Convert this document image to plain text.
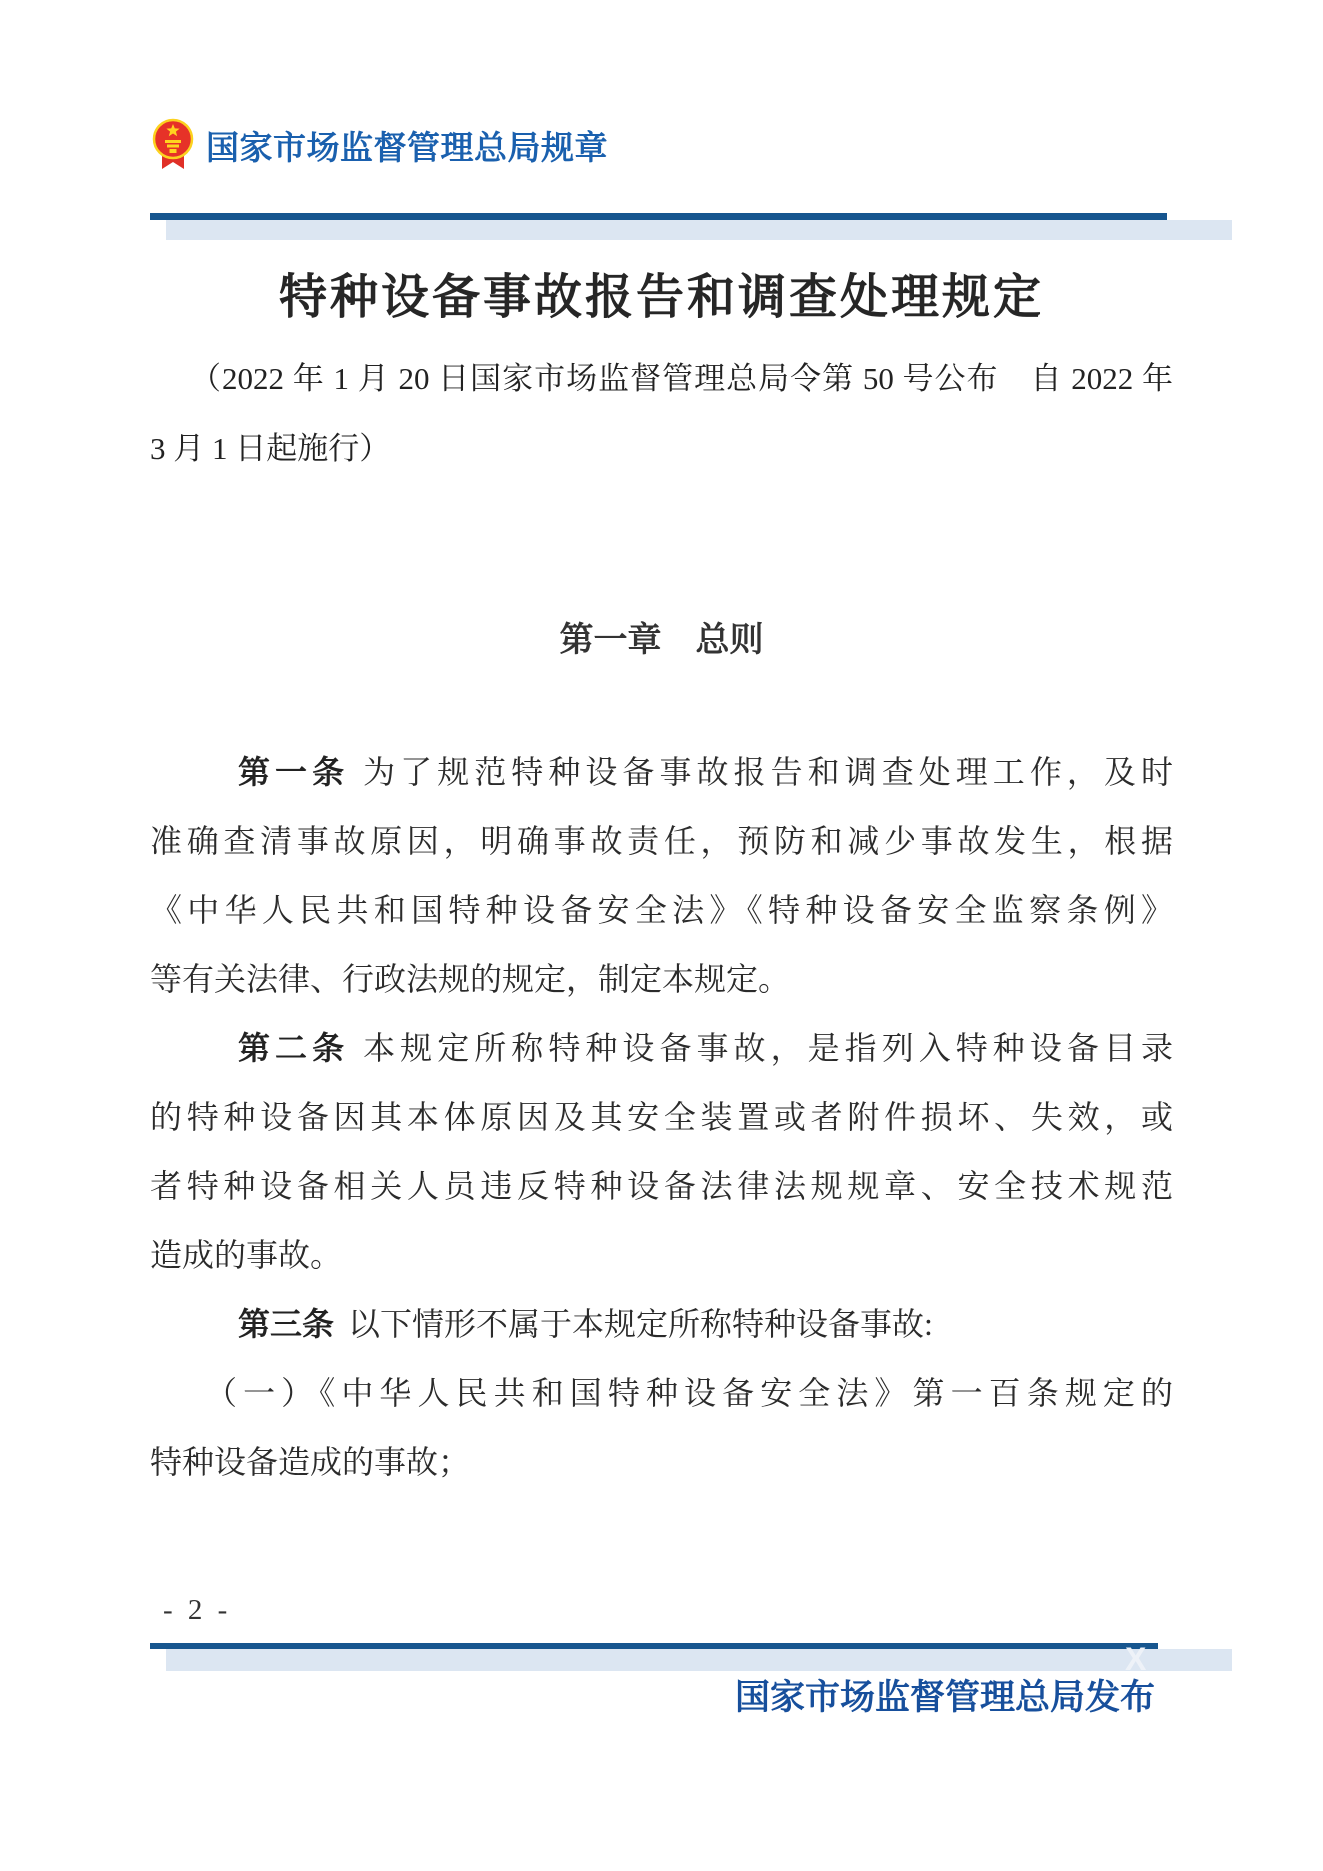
国家市场监督管理总局规章
特种设备事故报告和调查处理规定
（2022 年 1 月 20 日国家市场监督管理总局令第 50 号公布　自 2022 年
3 月 1 日起施行）
第一章　总则
第一条 为了规范特种设备事故报告和调查处理工作，及时
准确查清事故原因，明确事故责任，预防和减少事故发生，根据
《中华人民共和国特种设备安全法》《特种设备安全监察条例》
等有关法律、行政法规的规定，制定本规定。
第二条 本规定所称特种设备事故，是指列入特种设备目录
的特种设备因其本体原因及其安全装置或者附件损坏、失效，或
者特种设备相关人员违反特种设备法律法规规章、安全技术规范
造成的事故。
第三条 以下情形不属于本规定所称特种设备事故:
（一）《中华人民共和国特种设备安全法》第一百条规定的
特种设备造成的事故；
- 2 -
X
国家市场监督管理总局发布
